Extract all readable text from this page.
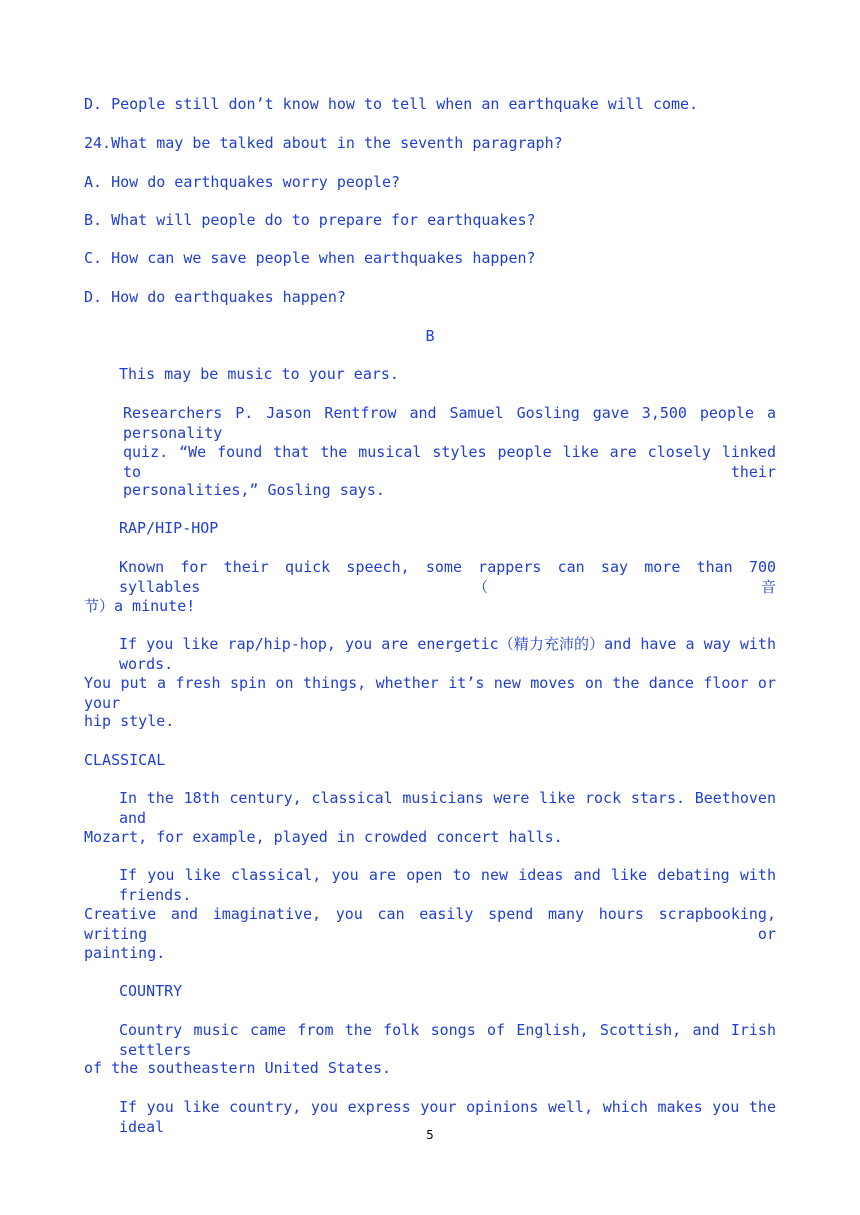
D. People still don’t know how to tell when an earthquake will come.
24.What may be talked about in the seventh paragraph?
A. How do earthquakes worry people?
B. What will people do to prepare for earthquakes?
C. How can we save people when earthquakes happen?
D. How do earthquakes happen?
B
This may be music to your ears.
Researchers P. Jason Rentfrow and Samuel Gosling gave 3,500 people a personality
quiz. “We found that the musical styles people like are closely linked to their
personalities,” Gosling says.
RAP/HIP-HOP
Known for their quick speech, some rappers can say more than 700 syllables（音
节）a minute!
If you like rap/hip-hop, you are energetic（精力充沛的）and have a way with words.
You put a fresh spin on things, whether it’s new moves on the dance floor or your
hip style.
CLASSICAL
In the 18th century, classical musicians were like rock stars. Beethoven and
Mozart, for example, played in crowded concert halls.
If you like classical, you are open to new ideas and like debating with friends.
Creative and imaginative, you can easily spend many hours scrapbooking, writing or
painting.
COUNTRY
Country music came from the folk songs of English, Scottish, and Irish settlers
of the southeastern United States.
If you like country, you express your opinions well, which makes you the ideal	5
